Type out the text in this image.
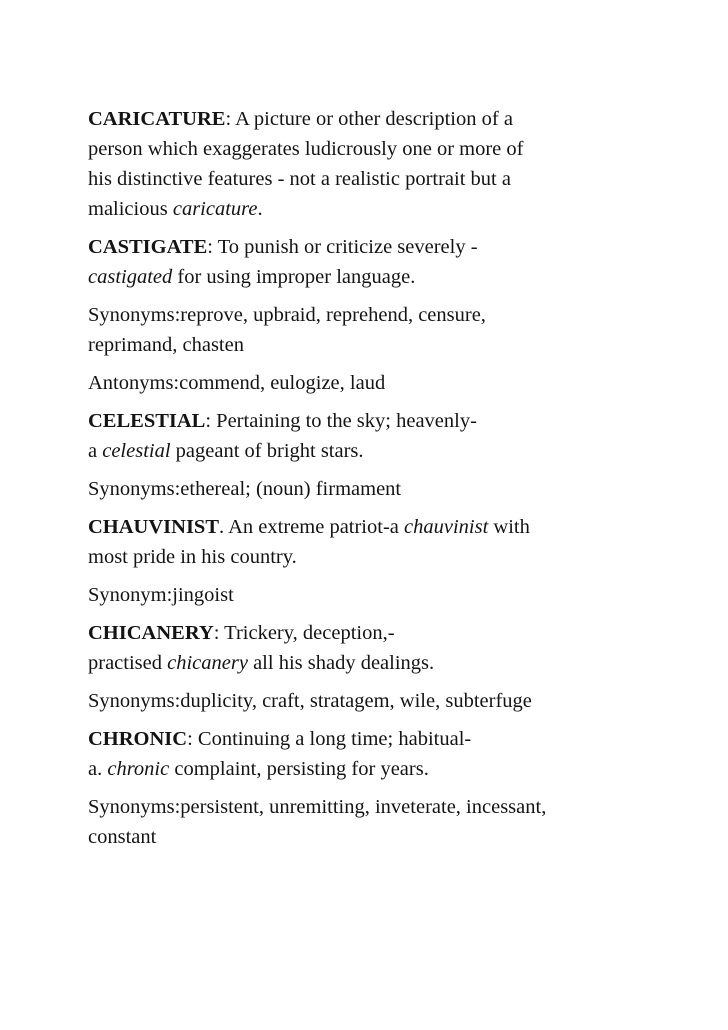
CARICATURE: A picture or other description of a
person which exaggerates ludicrously one or more of
his distinctive features - not a realistic portrait but a
malicious caricature.
CASTIGATE: To punish or criticize severely -
castigated for using improper language.
Synonyms:reprove, upbraid, reprehend, censure,
reprimand, chasten
Antonyms:commend, eulogize, laud
CELESTIAL: Pertaining to the sky; heavenly-
a celestial pageant of bright stars.
Synonyms:ethereal; (noun) firmament
CHAUVINIST. An extreme patriot-a chauvinist with
most pride in his country.
Synonym:jingoist
CHICANERY: Trickery, deception,-
practised chicanery all his shady dealings.
Synonyms:duplicity, craft, stratagem, wile, subterfuge
CHRONIC: Continuing a long time; habitual-
a. chronic complaint, persisting for years.
Synonyms:persistent, unremitting, inveterate, incessant,
constant
